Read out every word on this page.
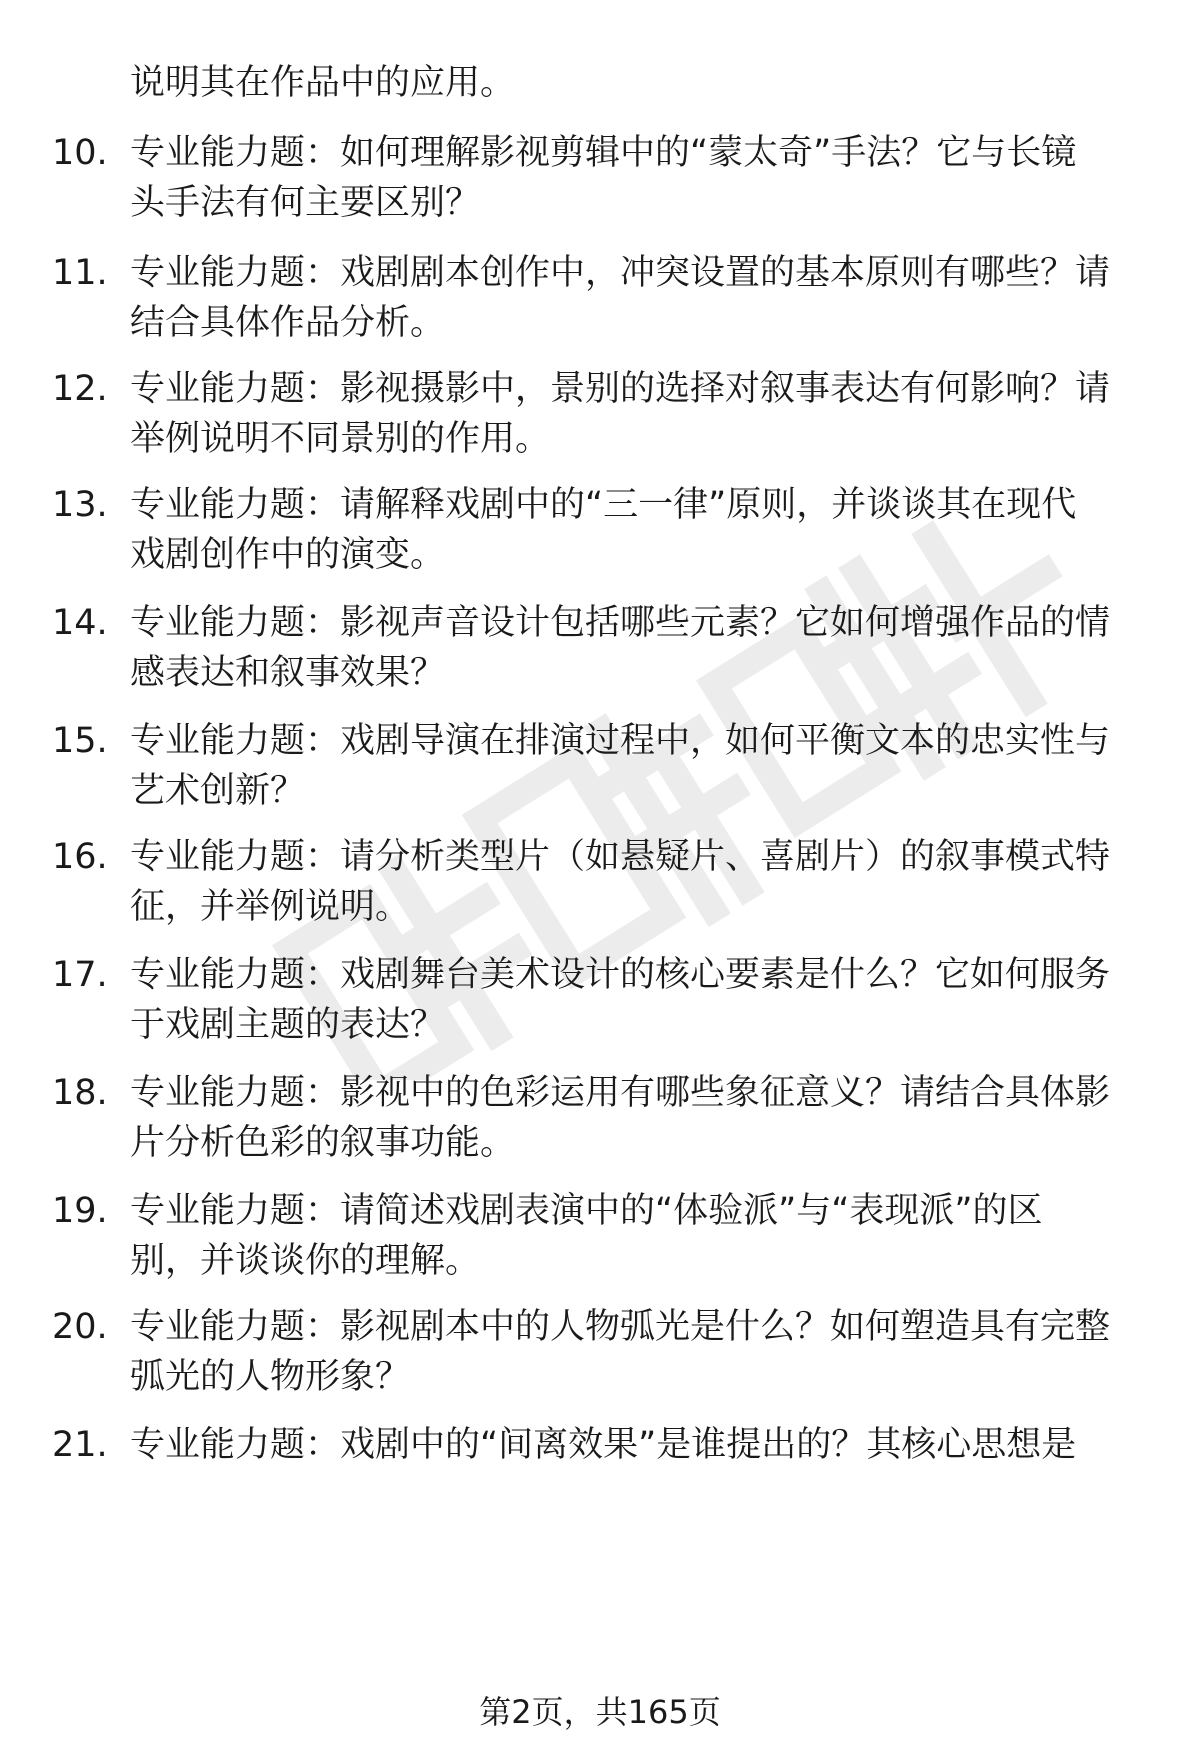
说明其在作品中的应用。
10. 专业能力题：如何理解影视剪辑中的“蒙太奇”手法？它与长镜
头手法有何主要区别？
11. 专业能力题：戏剧剧本创作中，冲突设置的基本原则有哪些？请
结合具体作品分析。
12. 专业能力题：影视摄影中，景别的选择对叙事表达有何影响？请
举例说明不同景别的作用。
13. 专业能力题：请解释戏剧中的“三一律”原则，并谈谈其在现代
戏剧创作中的演变。
14. 专业能力题：影视声音设计包括哪些元素？它如何增强作品的情
感表达和叙事效果？
15. 专业能力题：戏剧导演在排演过程中，如何平衡文本的忠实性与
艺术创新？
16. 专业能力题：请分析类型片（如悬疑片、喜剧片）的叙事模式特
征，并举例说明。
17. 专业能力题：戏剧舞台美术设计的核心要素是什么？它如何服务
于戏剧主题的表达？
18. 专业能力题：影视中的色彩运用有哪些象征意义？请结合具体影
片分析色彩的叙事功能。
19. 专业能力题：请简述戏剧表演中的“体验派”与“表现派”的区
别，并谈谈你的理解。
20. 专业能力题：影视剧本中的人物弧光是什么？如何塑造具有完整
弧光的人物形象？
21. 专业能力题：戏剧中的“间离效果”是谁提出的？其核心思想是
第2页，共165页
